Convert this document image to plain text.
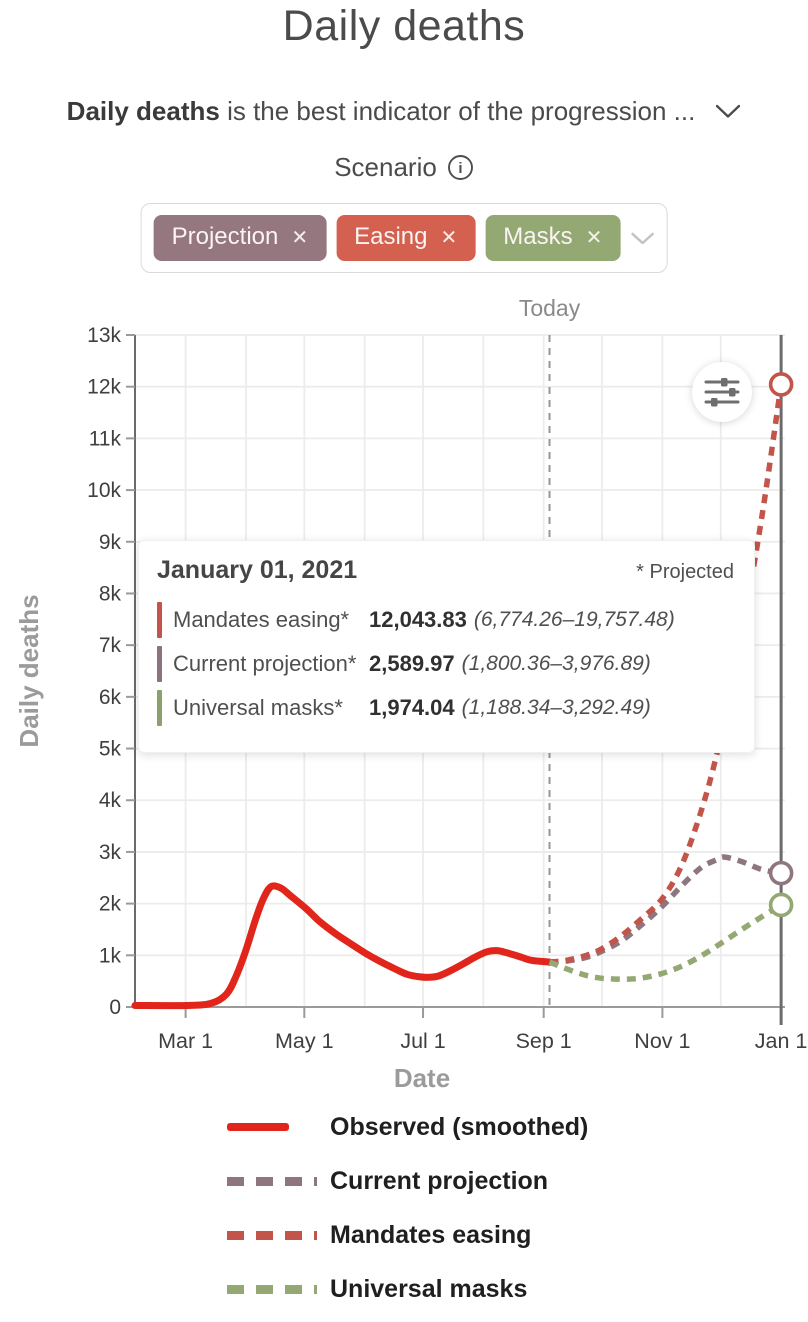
Daily deaths
Daily deaths is the best indicator of the progression ...
Scenario i
Projection ✕ Easing ✕ Masks ✕
0
1k
2k
3k
4k
5k
6k
7k
8k
9k
10k
11k
12k
13k
Mar 1	May 1	Jul 1	Sep 1	Nov 1	Jan 1
Date
Daily deaths
Today
January 01, 2021	* Projected
Mandates easing* 12,043.83 (6,774.26–19,757.48)
Current projection* 2,589.97 (1,800.36–3,976.89)
Universal masks*	1,974.04 (1,188.34–3,292.49)
Observed (smoothed)
Current projection
Mandates easing
Universal masks
